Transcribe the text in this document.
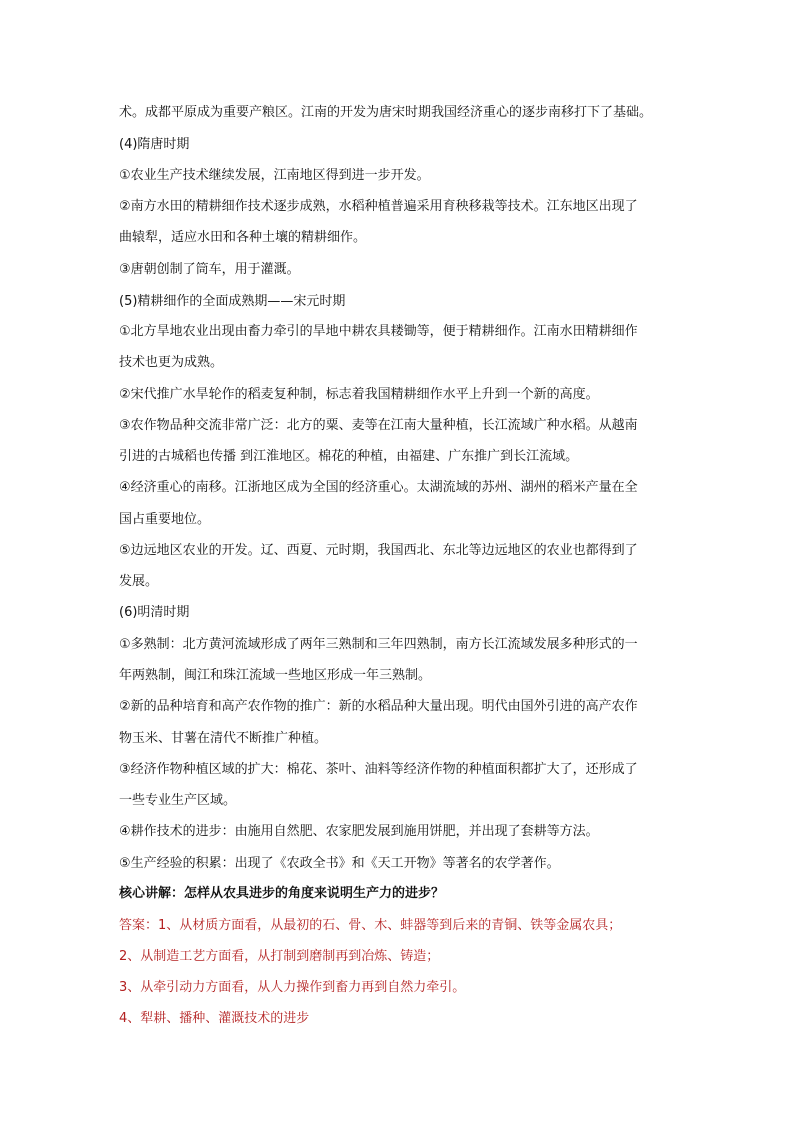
术。成都平原成为重要产粮区。江南的开发为唐宋时期我国经济重心的逐步南移打下了基础。
(4)隋唐时期
①农业生产技术继续发展，江南地区得到进一步开发。
②南方水田的精耕细作技术逐步成熟，水稻种植普遍采用育秧移栽等技术。江东地区出现了
曲辕犁，适应水田和各种土壤的精耕细作。
③唐朝创制了筒车，用于灌溉。
(5)精耕细作的全面成熟期——宋元时期
①北方旱地农业出现由畜力牵引的旱地中耕农具耧锄等，便于精耕细作。江南水田精耕细作
技术也更为成熟。
②宋代推广水旱轮作的稻麦复种制，标志着我国精耕细作水平上升到一个新的高度。
③农作物品种交流非常广泛：北方的粟、麦等在江南大量种植，长江流域广种水稻。从越南
引进的古城稻也传播 到江淮地区。棉花的种植，由福建、广东推广到长江流域。
④经济重心的南移。江浙地区成为全国的经济重心。太湖流域的苏州、湖州的稻米产量在全
国占重要地位。
⑤边远地区农业的开发。辽、西夏、元时期，我国西北、东北等边远地区的农业也都得到了
发展。
(6)明清时期
①多熟制：北方黄河流域形成了两年三熟制和三年四熟制，南方长江流域发展多种形式的一
年两熟制，闽江和珠江流域一些地区形成一年三熟制。
②新的品种培育和高产农作物的推广：新的水稻品种大量出现。明代由国外引进的高产农作
物玉米、甘薯在清代不断推广种植。
③经济作物种植区域的扩大：棉花、茶叶、油料等经济作物的种植面积都扩大了，还形成了
一些专业生产区域。
④耕作技术的进步：由施用自然肥、农家肥发展到施用饼肥，并出现了套耕等方法。
⑤生产经验的积累：出现了《农政全书》和《天工开物》等著名的农学著作。
核心讲解：怎样从农具进步的角度来说明生产力的进步？
答案：1、从材质方面看，从最初的石、骨、木、蚌器等到后来的青铜、铁等金属农具；
2、从制造工艺方面看，从打制到磨制再到冶炼、铸造；
3、从牵引动力方面看，从人力操作到畜力再到自然力牵引。
4、犁耕、播种、灌溉技术的进步
